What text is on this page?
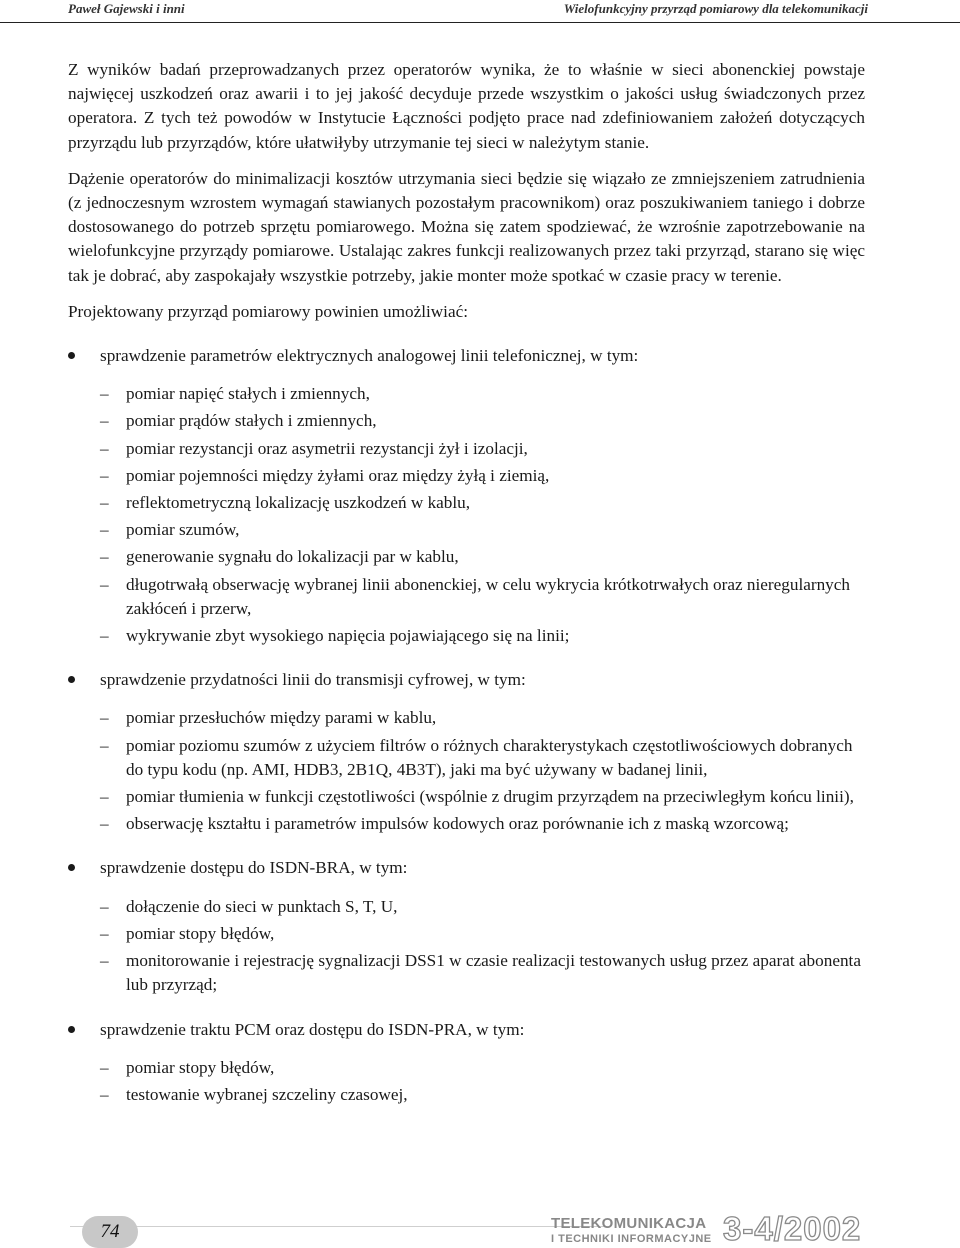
Paweł Gajewski i inni	Wielofunkcyjny przyrząd pomiarowy dla telekomunikacji

Z wyników badań przeprowadzanych przez operatorów wynika, że to właśnie w sieci abonenckiej powstaje najwięcej uszkodzeń oraz awarii i to jej jakość decyduje przede wszystkim o jakości usług świadczonych przez operatora. Z tych też powodów w Instytucie Łączności podjęto prace nad zdefiniowaniem założeń dotyczących przyrządu lub przyrządów, które ułatwiłyby utrzymanie tej sieci w należytym stanie.

Dążenie operatorów do minimalizacji kosztów utrzymania sieci będzie się wiązało ze zmniejszeniem zatrudnienia (z jednoczesnym wzrostem wymagań stawianych pozostałym pracownikom) oraz poszukiwaniem taniego i dobrze dostosowanego do potrzeb sprzętu pomiarowego. Można się zatem spodziewać, że wzrośnie zapotrzebowanie na wielofunkcyjne przyrządy pomiarowe. Ustalając zakres funkcji realizowanych przez taki przyrząd, starano się więc tak je dobrać, aby zaspokajały wszystkie potrzeby, jakie monter może spotkać w czasie pracy w terenie.

Projektowany przyrząd pomiarowy powinien umożliwiać:

sprawdzenie parametrów elektrycznych analogowej linii telefonicznej, w tym:
– pomiar napięć stałych i zmiennych,
– pomiar prądów stałych i zmiennych,
– pomiar rezystancji oraz asymetrii rezystancji żył i izolacji,
– pomiar pojemności między żyłami oraz między żyłą i ziemią,
– reflektometryczną lokalizację uszkodzeń w kablu,
– pomiar szumów,
– generowanie sygnału do lokalizacji par w kablu,
– długotrwałą obserwację wybranej linii abonenckiej, w celu wykrycia krótkotrwałych oraz nieregularnych zakłóceń i przerw,
– wykrywanie zbyt wysokiego napięcia pojawiającego się na linii;
sprawdzenie przydatności linii do transmisji cyfrowej, w tym:
– pomiar przesłuchów między parami w kablu,
– pomiar poziomu szumów z użyciem filtrów o różnych charakterystykach częstotliwościowych dobranych do typu kodu (np. AMI, HDB3, 2B1Q, 4B3T), jaki ma być używany w badanej linii,
– pomiar tłumienia w funkcji częstotliwości (wspólnie z drugim przyrządem na przeciwległym końcu linii),
– obserwację kształtu i parametrów impulsów kodowych oraz porównanie ich z maską wzorcową;
sprawdzenie dostępu do ISDN-BRA, w tym:
– dołączenie do sieci w punktach S, T, U,
– pomiar stopy błędów,
– monitorowanie i rejestrację sygnalizacji DSS1 w czasie realizacji testowanych usług przez aparat abonenta lub przyrząd;
sprawdzenie traktu PCM oraz dostępu do ISDN-PRA, w tym:
– pomiar stopy błędów,
– testowanie wybranej szczeliny czasowej,
74	TELEKOMUNIKACJA
I TECHNIKI INFORMACYJNE 3-4/2002
